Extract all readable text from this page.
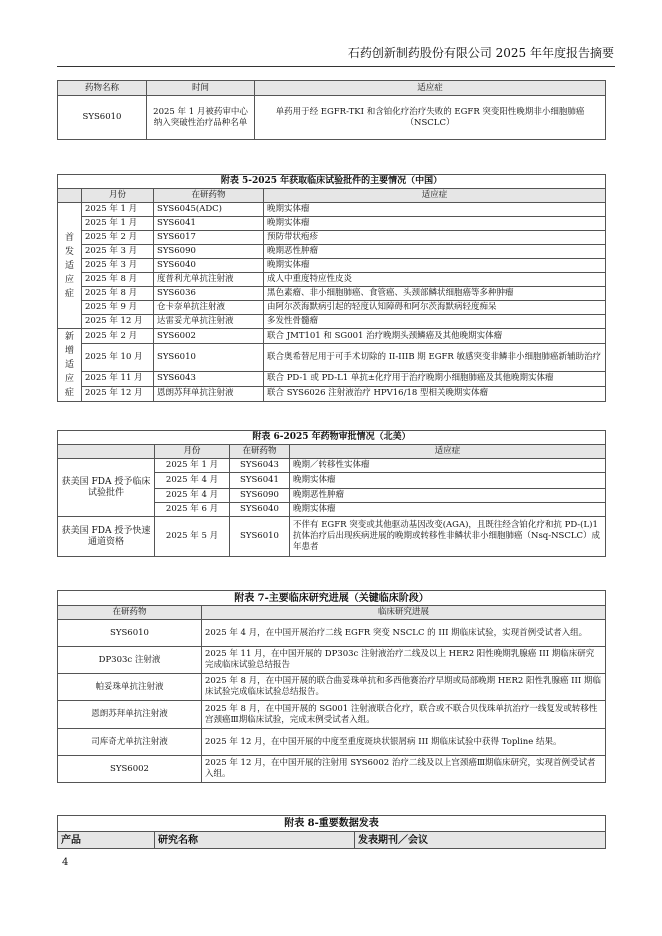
石药创新制药股份有限公司 2025 年年度报告摘要
药物名称	时间	适应症
SYS6010	2025 年 1 月被药审中心纳入突破性治疗品种名单	单药用于经 EGFR-TKI 和含铂化疗治疗失败的 EGFR 突变阳性晚期非小细胞肺癌（NSCLC）
附表 5-2025 年获取临床试验批件的主要情况（中国）			
	月份	在研药物	适应症

首
发
适
应
症	2025 年 1 月	SYS6045(ADC)	晚期实体瘤
	2025 年 1 月	SYS6041	晚期实体瘤
	2025 年 2 月	SYS6017	预防带状疱疹
	2025 年 3 月	SYS6090	晚期恶性肿瘤
	2025 年 3 月	SYS6040	晚期实体瘤
	2025 年 8 月	度普利尤单抗注射液	成人中重度特应性皮炎
	2025 年 8 月	SYS6036	黑色素瘤、非小细胞肺癌、食管癌、头颈部鳞状细胞癌等多种肿瘤
	2025 年 9 月	仓卡奈单抗注射液	由阿尔茨海默病引起的轻度认知障碍和阿尔茨海默病轻度痴呆
	2025 年 12 月	达雷妥尤单抗注射液	多发性骨髓瘤

新
增
适
应
症	2025 年 2 月	SYS6002	联合 JMT101 和 SG001 治疗晚期头颈鳞癌及其他晚期实体瘤
	2025 年 10 月	SYS6010	联合奥希替尼用于可手术切除的 II-IIIB 期 EGFR 敏感突变非鳞非小细胞肺癌新辅助治疗
	2025 年 11 月	SYS6043	联合 PD-1 或 PD-L1 单抗±化疗用于治疗晚期小细胞肺癌及其他晚期实体瘤
	2025 年 12 月	恩朗苏拜单抗注射液	联合 SYS6026 注射液治疗 HPV16/18 型相关晚期实体瘤
附表 6-2025 年药物审批情况（北美）			
	月份	在研药物	适应症
获美国 FDA 授予临床试验批件	2025 年 1 月	SYS6043	晚期／转移性实体瘤
	2025 年 4 月	SYS6041	晚期实体瘤
	2025 年 4 月	SYS6090	晚期恶性肿瘤
	2025 年 6 月	SYS6040	晚期实体瘤
获美国 FDA 授予快速通道资格	2025 年 5 月	SYS6010	不伴有 EGFR 突变或其他驱动基因改变(AGA)，且既往经含铂化疗和抗 PD-(L)1 抗体治疗后出现疾病进展的晚期或转移性非鳞状非小细胞肺癌（Nsq-NSCLC）成年患者
附表 7-主要临床研究进展（关键临床阶段）	
在研药物	临床研究进展
SYS6010	2025 年 4 月，在中国开展治疗二线 EGFR 突变 NSCLC 的 III 期临床试验，实现首例受试者入组。
DP303c 注射液	2025 年 11 月，在中国开展的 DP303c 注射液治疗二线及以上 HER2 阳性晚期乳腺癌 III 期临床研究完成临床试验总结报告
帕妥珠单抗注射液	2025 年 8 月，在中国开展的联合曲妥珠单抗和多西他赛治疗早期或局部晚期 HER2 阳性乳腺癌 III 期临床试验完成临床试验总结报告。
恩朗苏拜单抗注射液	2025 年 8 月，在中国开展的 SG001 注射液联合化疗，联合或不联合贝伐珠单抗治疗一线复发或转移性宫颈癌Ⅲ期临床试验，完成末例受试者入组。
司库奇尤单抗注射液	2025 年 12 月，在中国开展的中度至重度斑块状银屑病 III 期临床试验中获得 Topline 结果。
SYS6002	2025 年 12 月，在中国开展的注射用 SYS6002 治疗二线及以上宫颈癌Ⅲ期临床研究，实现首例受试者入组。
附表 8-重要数据发表
产品	研究名称	发表期刊／会议
4
